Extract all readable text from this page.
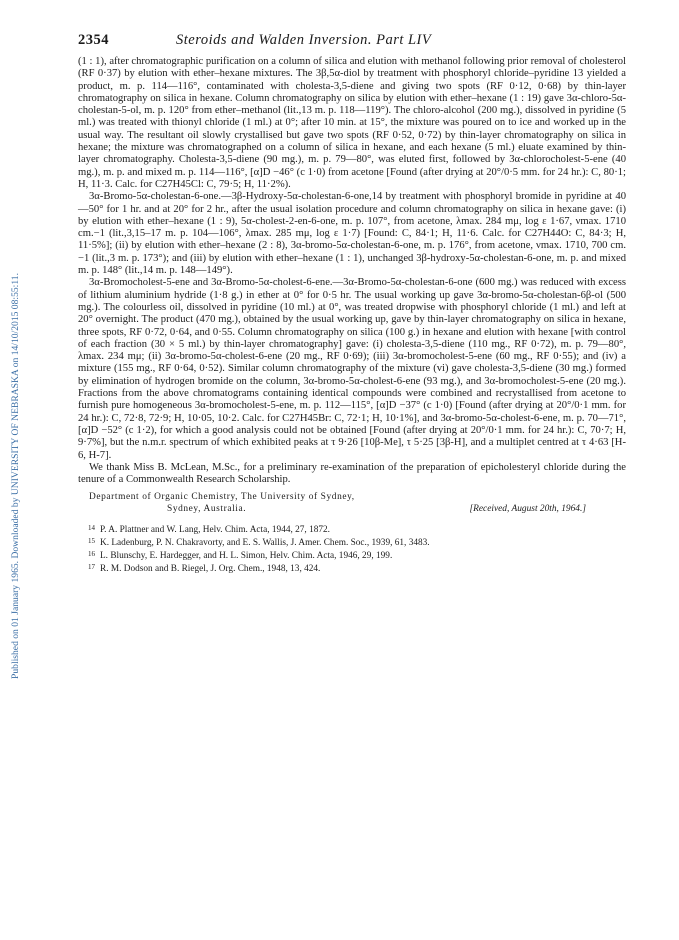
Published on 01 January 1965. Downloaded by UNIVERSITY OF NEBRASKA on 14/10/2015 08:55:11.
2354	Steroids and Walden Inversion. Part LIV

(1 : 1), after chromatographic purification on a column of silica and elution with methanol following prior removal of cholesterol (RF 0·37) by elution with ether–hexane mixtures. The 3β,5α-diol by treatment with phosphoryl chloride–pyridine 13 yielded a product, m. p. 114—116°, contaminated with cholesta-3,5-diene and giving two spots (RF 0·12, 0·68) by thin-layer chromatography on silica in hexane. Column chromatography on silica by elution with ether–hexane (1 : 19) gave 3α-chloro-5α-cholestan-5-ol, m. p. 120° from ether–methanol (lit.,13 m. p. 118—119°). The chloro-alcohol (200 mg.), dissolved in pyridine (5 ml.) was treated with thionyl chloride (1 ml.) at 0°; after 10 min. at 15°, the mixture was poured on to ice and worked up in the usual way. The resultant oil slowly crystallised but gave two spots (RF 0·52, 0·72) by thin-layer chromatography on silica in hexane; the mixture was chromatographed on a column of silica in hexane, and each hexane (5 ml.) eluate examined by thin-layer chromatography. Cholesta-3,5-diene (90 mg.), m. p. 79—80°, was eluted first, followed by 3α-chlorocholest-5-ene (40 mg.), m. p. and mixed m. p. 114—116°, [α]D −46° (c 1·0) from acetone [Found (after drying at 20°/0·5 mm. for 24 hr.): C, 80·1; H, 11·3. Calc. for C27H45Cl: C, 79·5; H, 11·2%).

3α-Bromo-5α-cholestan-6-one.—3β-Hydroxy-5α-cholestan-6-one,14 by treatment with phosphoryl bromide in pyridine at 40—50° for 1 hr. and at 20° for 2 hr., after the usual isolation procedure and column chromatography on silica in hexane gave: (i) by elution with ether–hexane (1 : 9), 5α-cholest-2-en-6-one, m. p. 107°, from acetone, λmax. 284 mμ, log ε 1·67, νmax. 1710 cm.−1 (lit.,3,15–17 m. p. 104—106°, λmax. 285 mμ, log ε 1·7) [Found: C, 84·1; H, 11·6. Calc. for C27H44O: C, 84·3; H, 11·5%]; (ii) by elution with ether–hexane (2 : 8), 3α-bromo-5α-cholestan-6-one, m. p. 176°, from acetone, νmax. 1710, 700 cm.−1 (lit.,3 m. p. 173°); and (iii) by elution with ether–hexane (1 : 1), unchanged 3β-hydroxy-5α-cholestan-6-one, m. p. and mixed m. p. 148° (lit.,14 m. p. 148—149°).

3α-Bromocholest-5-ene and 3α-Bromo-5α-cholest-6-ene.—3α-Bromo-5α-cholestan-6-one (600 mg.) was reduced with excess of lithium aluminium hydride (1·8 g.) in ether at 0° for 0·5 hr. The usual working up gave 3α-bromo-5α-cholestan-6β-ol (500 mg.). The colourless oil, dissolved in pyridine (10 ml.) at 0°, was treated dropwise with phosphoryl chloride (1 ml.) and left at 20° overnight. The product (470 mg.), obtained by the usual working up, gave by thin-layer chromatography on silica in hexane, three spots, RF 0·72, 0·64, and 0·55. Column chromatography on silica (100 g.) in hexane and elution with hexane [with control of each fraction (30 × 5 ml.) by thin-layer chromatography] gave: (i) cholesta-3,5-diene (110 mg., RF 0·72), m. p. 79—80°, λmax. 234 mμ; (ii) 3α-bromo-5α-cholest-6-ene (20 mg., RF 0·69); (iii) 3α-bromocholest-5-ene (60 mg., RF 0·55); and (iv) a mixture (155 mg., RF 0·64, 0·52). Similar column chromatography of the mixture (vi) gave cholesta-3,5-diene (30 mg.) formed by elimination of hydrogen bromide on the column, 3α-bromo-5α-cholest-6-ene (93 mg.), and 3α-bromocholest-5-ene (20 mg.). Fractions from the above chromatograms containing identical compounds were combined and recrystallised from acetone to furnish pure homogeneous 3α-bromocholest-5-ene, m. p. 112—115°, [α]D −37° (c 1·0) [Found (after drying at 20°/0·1 mm. for 24 hr.): C, 72·8, 72·9; H, 10·05, 10·2. Calc. for C27H45Br: C, 72·1; H, 10·1%], and 3α-bromo-5α-cholest-6-ene, m. p. 70—71°, [α]D −52° (c 1·2), for which a good analysis could not be obtained [Found (after drying at 20°/0·1 mm. for 24 hr.): C, 70·7; H, 9·7%], but the n.m.r. spectrum of which exhibited peaks at τ 9·26 [10β-Me], τ 5·25 [3β-H], and a multiplet centred at τ 4·63 [H-6, H-7].

We thank Miss B. McLean, M.Sc., for a preliminary re-examination of the preparation of epicholesteryl chloride during the tenure of a Commonwealth Research Scholarship.

Department of Organic Chemistry, The University of Sydney,
Sydney, Australia.	[Received, August 20th, 1964.]
14 P. A. Plattner and W. Lang, Helv. Chim. Acta, 1944, 27, 1872.
15 K. Ladenburg, P. N. Chakravorty, and E. S. Wallis, J. Amer. Chem. Soc., 1939, 61, 3483.
16 L. Blunschy, E. Hardegger, and H. L. Simon, Helv. Chim. Acta, 1946, 29, 199.
17 R. M. Dodson and B. Riegel, J. Org. Chem., 1948, 13, 424.
